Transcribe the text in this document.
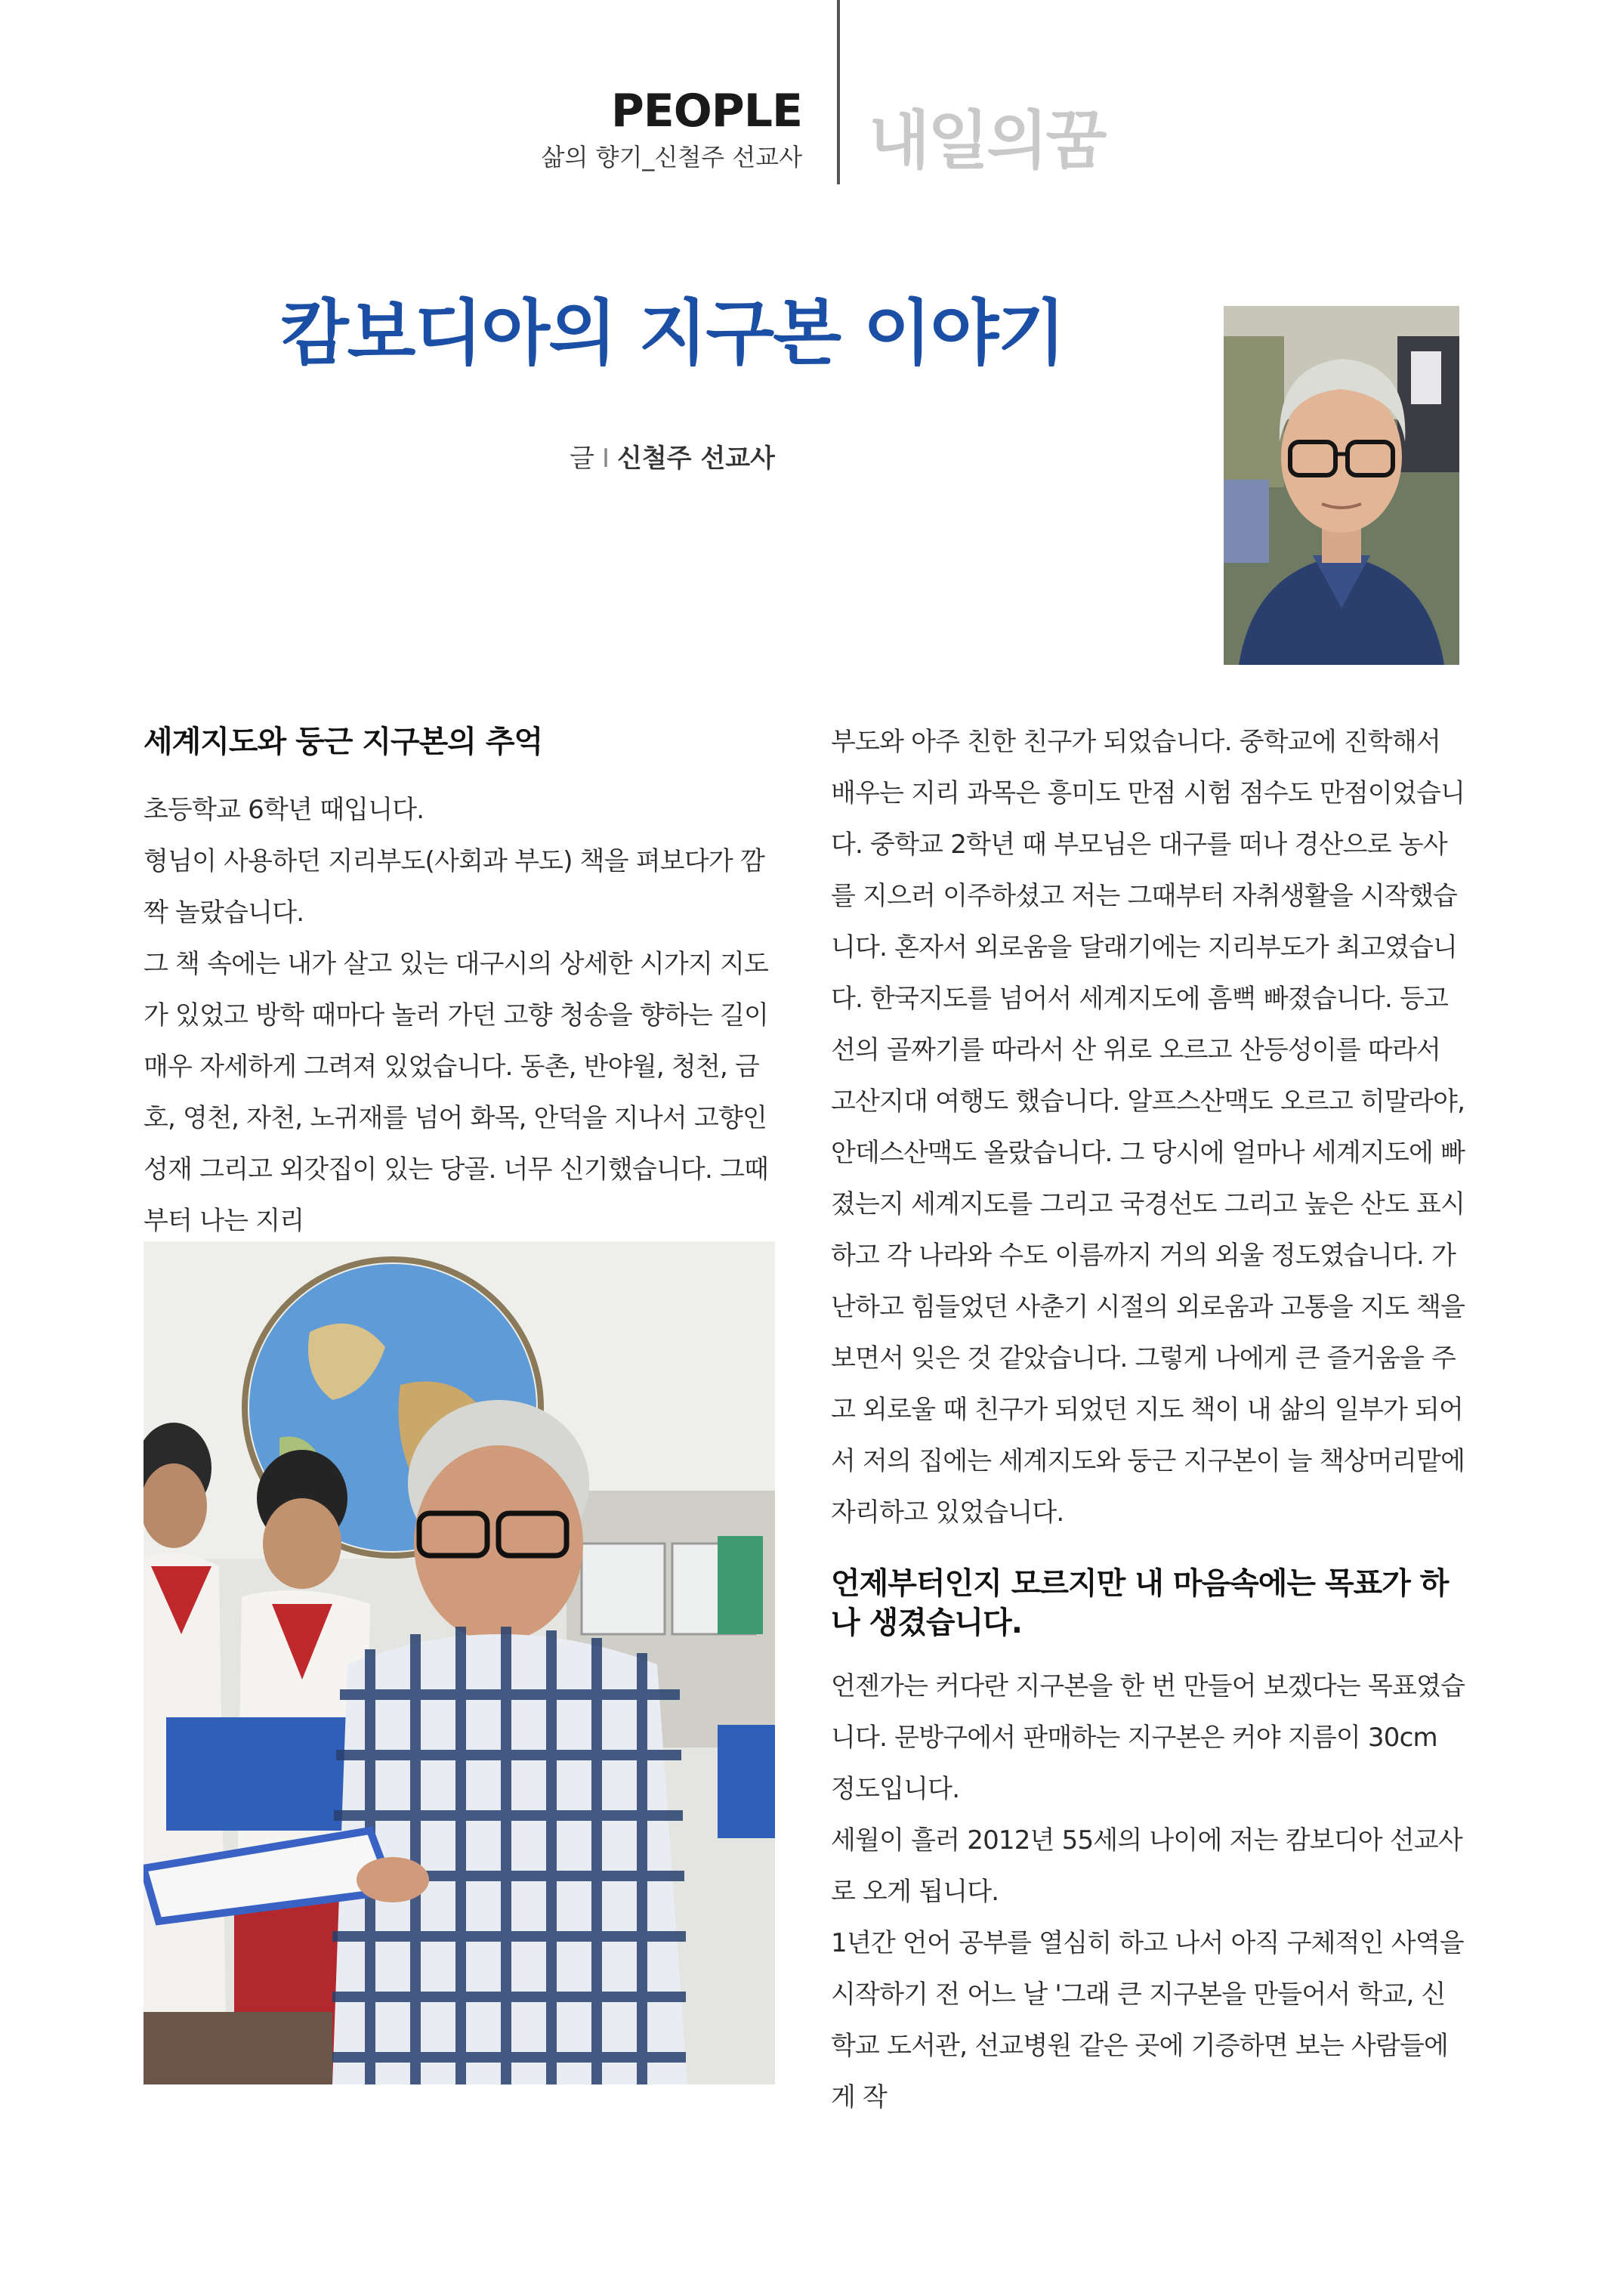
PEOPLE
삶의 향기_신철주 선교사 내일의꿈
캄보디아의 지구본 이야기
글 I 신철주 선교사
세계지도와 둥근 지구본의 추억

초등학교 6학년 때입니다.

형님이 사용하던 지리부도(사회과 부도) 책을 펴보다가 깜짝 놀랐습니다.

그 책 속에는 내가 살고 있는 대구시의 상세한 시가지 지도가 있었고 방학 때마다 놀러 가던 고향 청송을 향하는 길이 매우 자세하게 그려져 있었습니다. 동촌, 반야월, 청천, 금호, 영천, 자천, 노귀재를 넘어 화목, 안덕을 지나서 고향인 성재 그리고 외갓집이 있는 당골. 너무 신기했습니다. 그때부터 나는 지리

부도와 아주 친한 친구가 되었습니다. 중학교에 진학해서 배우는 지리 과목은 흥미도 만점 시험 점수도 만점이었습니다. 중학교 2학년 때 부모님은 대구를 떠나 경산으로 농사를 지으러 이주하셨고 저는 그때부터 자취생활을 시작했습니다. 혼자서 외로움을 달래기에는 지리부도가 최고였습니다. 한국지도를 넘어서 세계지도에 흠뻑 빠졌습니다. 등고선의 골짜기를 따라서 산 위로 오르고 산등성이를 따라서 고산지대 여행도 했습니다. 알프스산맥도 오르고 히말라야, 안데스산맥도 올랐습니다. 그 당시에 얼마나 세계지도에 빠졌는지 세계지도를 그리고 국경선도 그리고 높은 산도 표시하고 각 나라와 수도 이름까지 거의 외울 정도였습니다. 가난하고 힘들었던 사춘기 시절의 외로움과 고통을 지도 책을 보면서 잊은 것 같았습니다. 그렇게 나에게 큰 즐거움을 주고 외로울 때 친구가 되었던 지도 책이 내 삶의 일부가 되어서 저의 집에는 세계지도와 둥근 지구본이 늘 책상머리맡에 자리하고 있었습니다.

언제부터인지 모르지만 내 마음속에는 목표가 하나 생겼습니다.

언젠가는 커다란 지구본을 한 번 만들어 보겠다는 목표였습니다. 문방구에서 판매하는 지구본은 커야 지름이 30cm 정도입니다.

세월이 흘러 2012년 55세의 나이에 저는 캄보디아 선교사로 오게 됩니다.

1년간 언어 공부를 열심히 하고 나서 아직 구체적인 사역을 시작하기 전 어느 날 '그래 큰 지구본을 만들어서 학교, 신학교 도서관, 선교병원 같은 곳에 기증하면 보는 사람들에게 작
